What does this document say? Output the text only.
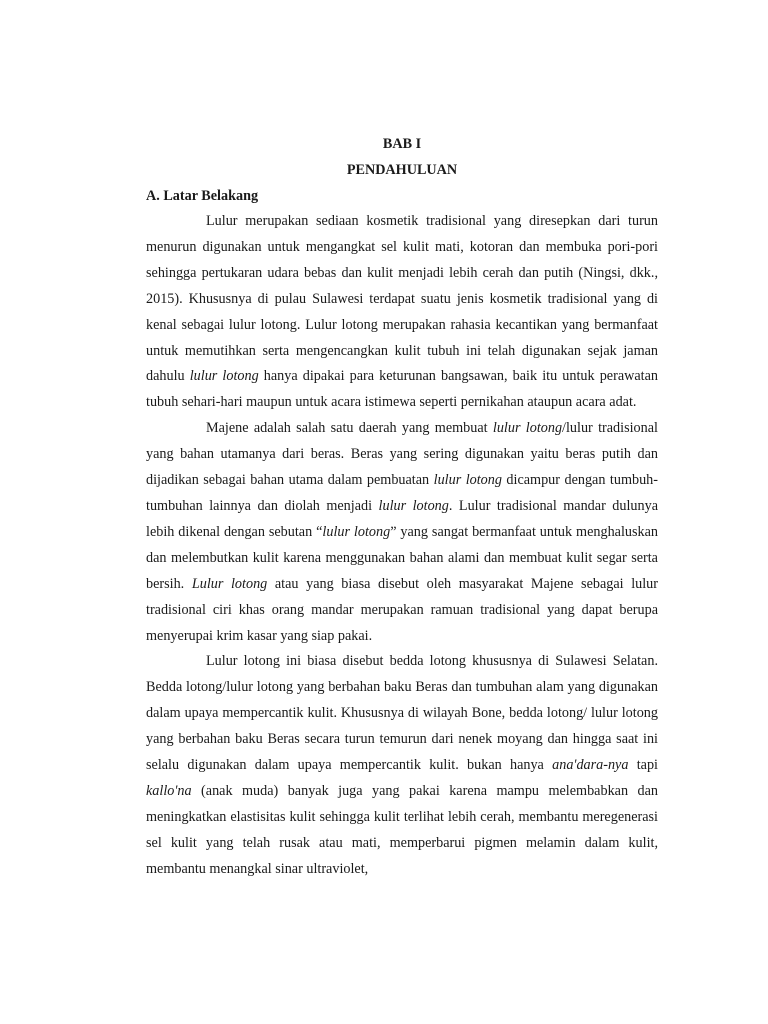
BAB I

PENDAHULUAN

A. Latar Belakang

Lulur merupakan sediaan kosmetik tradisional yang diresepkan dari turun menurun digunakan untuk mengangkat sel kulit mati, kotoran dan membuka pori-pori sehingga pertukaran udara bebas dan kulit menjadi lebih cerah dan putih (Ningsi, dkk., 2015). Khususnya di pulau Sulawesi terdapat suatu jenis kosmetik tradisional yang di kenal sebagai lulur lotong. Lulur lotong merupakan rahasia kecantikan yang bermanfaat untuk memutihkan serta mengencangkan kulit tubuh ini telah digunakan sejak jaman dahulu lulur lotong hanya dipakai para keturunan bangsawan, baik itu untuk perawatan tubuh sehari-hari maupun untuk acara istimewa seperti pernikahan ataupun acara adat.

Majene adalah salah satu daerah yang membuat lulur lotong/lulur tradisional yang bahan utamanya dari beras. Beras yang sering digunakan yaitu beras putih dan dijadikan sebagai bahan utama dalam pembuatan lulur lotong dicampur dengan tumbuh-tumbuhan lainnya dan diolah menjadi lulur lotong. Lulur tradisional mandar dulunya lebih dikenal dengan sebutan “lulur lotong” yang sangat bermanfaat untuk menghaluskan dan melembutkan kulit karena menggunakan bahan alami dan membuat kulit segar serta bersih. Lulur lotong atau yang biasa disebut oleh masyarakat Majene sebagai lulur tradisional ciri khas orang mandar merupakan ramuan tradisional yang dapat berupa menyerupai krim kasar yang siap pakai.

Lulur lotong ini biasa disebut bedda lotong khususnya di Sulawesi Selatan. Bedda lotong/lulur lotong yang berbahan baku Beras dan tumbuhan alam yang digunakan dalam upaya mempercantik kulit. Khususnya di wilayah Bone, bedda lotong/ lulur lotong yang berbahan baku Beras secara turun temurun dari nenek moyang dan hingga saat ini selalu digunakan dalam upaya mempercantik kulit. bukan hanya ana'dara-nya tapi kallo'na (anak muda) banyak juga yang pakai karena mampu melembabkan dan meningkatkan elastisitas kulit sehingga kulit terlihat lebih cerah, membantu meregenerasi sel kulit yang telah rusak atau mati, memperbarui pigmen melamin dalam kulit, membantu menangkal sinar ultraviolet,
